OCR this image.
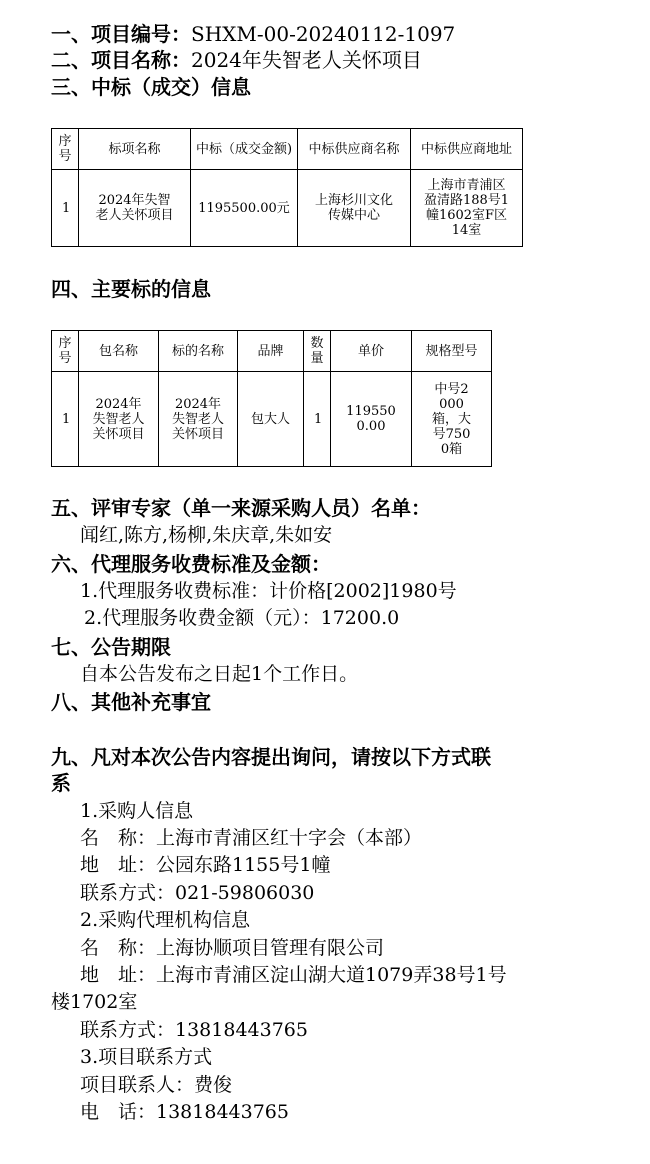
一、项目编号：SHXM-00-20240112-1097
二、项目名称：2024年失智老人关怀项目
三、中标（成交）信息
序号	标项名称	中标（成交金额)	中标供应商名称	中标供应商地址
1	2024年失智老人关怀项目	1195500.00元	上海杉川文化传媒中心	上海市青浦区盈清路188号1幢1602室F区14室
四、主要标的信息
序号	包名称	标的名称	品牌	数量	单价	规格型号
1	2024年失智老人关怀项目	2024年失智老人关怀项目	包大人	1	1195500.00	中号2000箱，大号7500箱
五、评审专家（单一来源采购人员）名单：
闻红,陈方,杨柳,朱庆章,朱如安
六、代理服务收费标准及金额：
1.代理服务收费标准：计价格[2002]1980号
2.代理服务收费金额（元）：17200.0
七、公告期限
自本公告发布之日起1个工作日。
八、其他补充事宜
九、凡对本次公告内容提出询问，请按以下方式联
系
1.采购人信息
名　称：上海市青浦区红十字会（本部）
地　址：公园东路1155号1幢
联系方式：021-59806030
2.采购代理机构信息
名　称：上海协顺项目管理有限公司
地　址：上海市青浦区淀山湖大道1079弄38号1号
楼1702室
联系方式：13818443765
3.项目联系方式
项目联系人：费俊
电　话：13818443765
